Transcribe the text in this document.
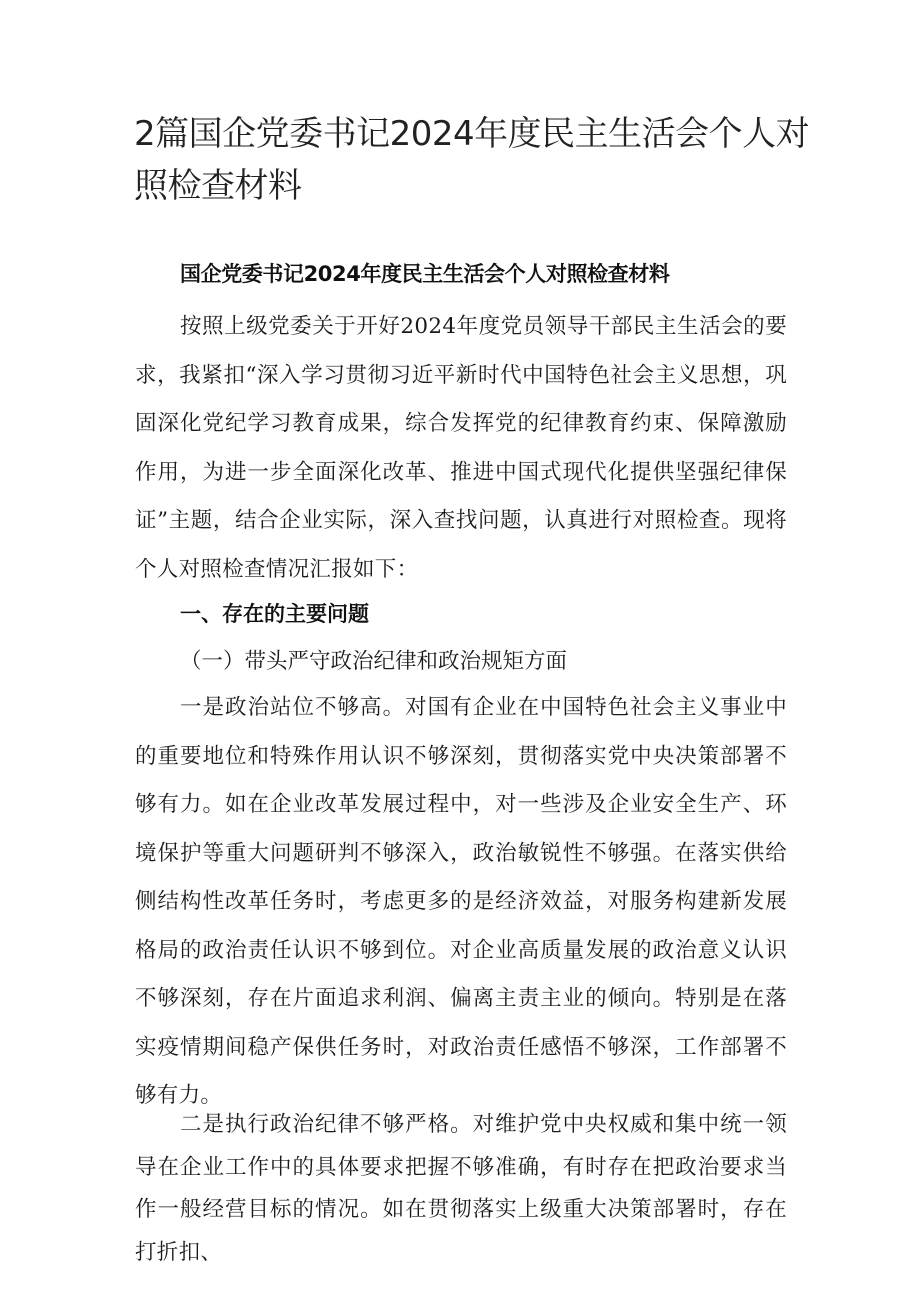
2篇国企党委书记2024年度民主生活会个人对照检查材料
国企党委书记2024年度民主生活会个人对照检查材料

按照上级党委关于开好2024年度党员领导干部民主生活会的要求，我紧扣“深入学习贯彻习近平新时代中国特色社会主义思想，巩固深化党纪学习教育成果，综合发挥党的纪律教育约束、保障激励作用，为进一步全面深化改革、推进中国式现代化提供坚强纪律保证”主题，结合企业实际，深入查找问题，认真进行对照检查。现将个人对照检查情况汇报如下：

一、存在的主要问题
（一）带头严守政治纪律和政治规矩方面

一是政治站位不够高。对国有企业在中国特色社会主义事业中的重要地位和特殊作用认识不够深刻，贯彻落实党中央决策部署不够有力。如在企业改革发展过程中，对一些涉及企业安全生产、环境保护等重大问题研判不够深入，政治敏锐性不够强。在落实供给侧结构性改革任务时，考虑更多的是经济效益，对服务构建新发展格局的政治责任认识不够到位。对企业高质量发展的政治意义认识不够深刻，存在片面追求利润、偏离主责主业的倾向。特别是在落实疫情期间稳产保供任务时，对政治责任感悟不够深，工作部署不够有力。

二是执行政治纪律不够严格。对维护党中央权威和集中统一领导在企业工作中的具体要求把握不够准确，有时存在把政治要求当作一般经营目标的情况。如在贯彻落实上级重大决策部署时，存在打折扣、
